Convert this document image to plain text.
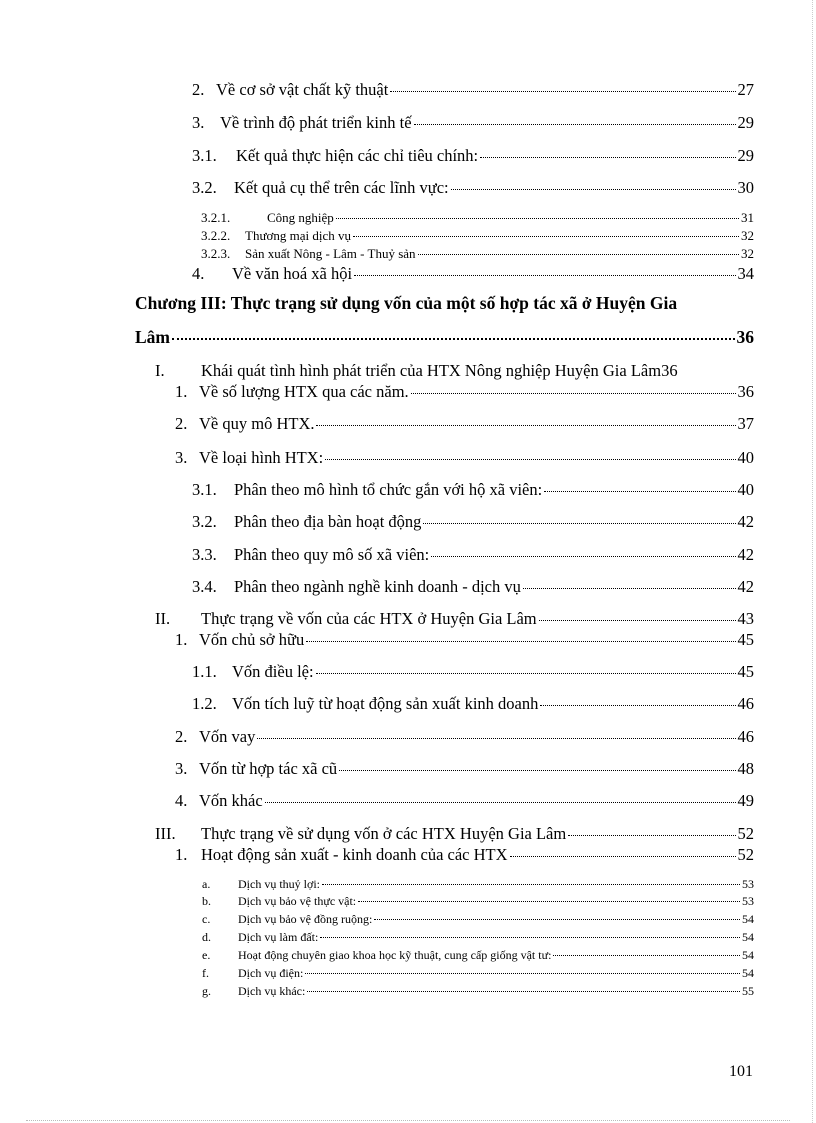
2. Về cơ sở vật chất kỹ thuật	27
3. Về trình độ phát triển kinh tế	29
3.1.	Kết quả thực hiện các chỉ tiêu chính:	29
3.2.	Kết quả cụ thể trên các lĩnh vực:	30
3.2.1.	Công nghiệp	31
3.2.2.	Thương mại dịch vụ	32
3.2.3.	Sản xuất Nông - Lâm - Thuỷ sản	32
4.	Về văn hoá xã hội	34
Chương III: Thực trạng sử dụng vốn của một số hợp tác xã ở Huyện Gia
Lâm	36
I.	Khái quát tình hình phát triển của HTX Nông nghiệp Huyện Gia Lâm 36
1. Về số lượng HTX qua các năm.	36
2. Về quy mô HTX.	37
3. Về loại hình HTX:	40
3.1.	Phân theo mô hình tổ chức gắn với hộ xã viên:	40
3.2.	Phân theo địa bàn hoạt động	42
3.3.	Phân theo quy mô số xã viên:	42
3.4.	Phân theo ngành nghề kinh doanh - dịch vụ	42
II.	Thực trạng về vốn của các HTX ở Huyện Gia Lâm	43
1. Vốn chủ sở hữu	45
1.1. Vốn điều lệ:	45
1.2. Vốn tích luỹ từ hoạt động sản xuất kinh doanh	46
2. Vốn vay	46
3. Vốn từ hợp tác xã cũ	48
4. Vốn khác	49
III.	Thực trạng về sử dụng vốn ở các HTX Huyện Gia Lâm	52
1. Hoạt động sản xuất - kinh doanh của các HTX	52
a.	Dịch vụ thuỷ lợi:	53
b.	Dịch vụ bảo vệ thực vật:	53
c.	Dịch vụ bảo vệ đồng ruộng:	54
d.	Dịch vụ làm đất:	54
e.	Hoạt động chuyên giao khoa học kỹ thuật, cung cấp giống vật tư:	54
f.	Dịch vụ điện:	54
g.	Dịch vụ khác:	55
101
